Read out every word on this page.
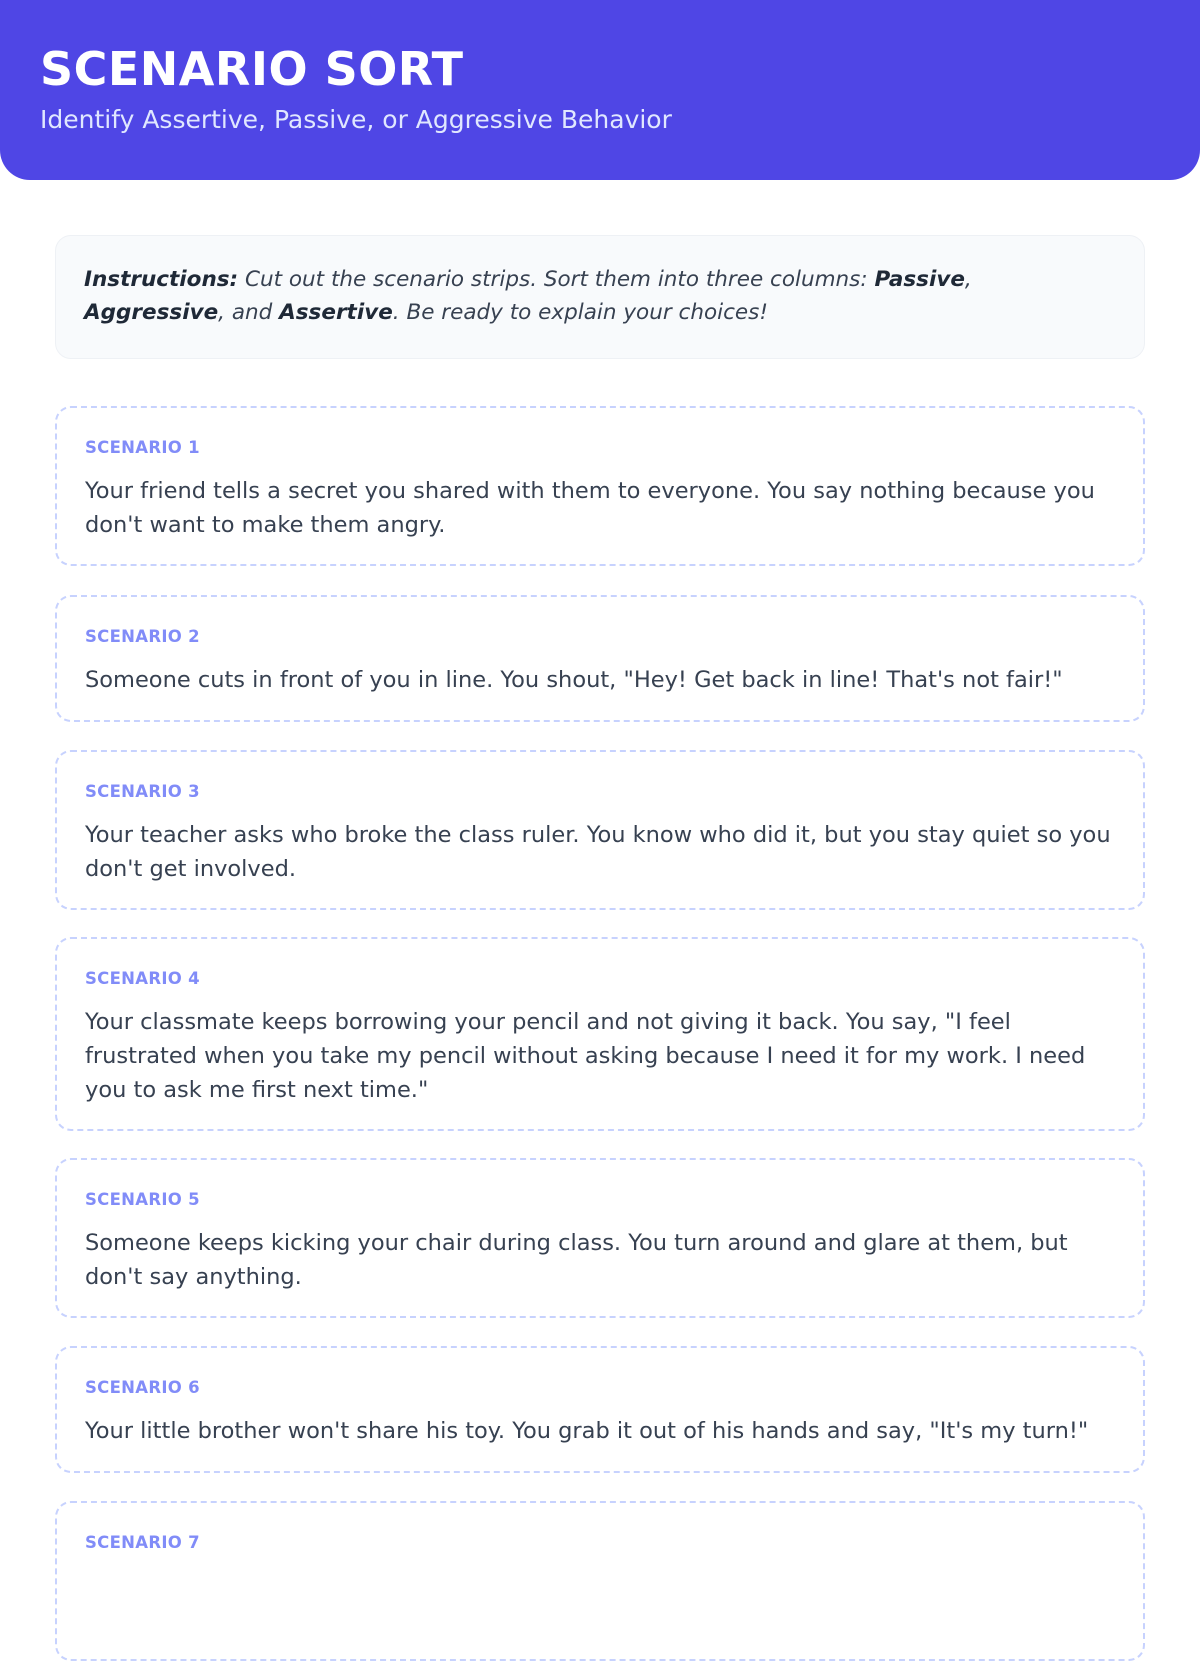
SCENARIO SORT
Identify Assertive, Passive, or Aggressive Behavior
Instructions: Cut out the scenario strips. Sort them into three columns: Passive, Aggressive, and Assertive. Be ready to explain your choices!
SCENARIO 1
Your friend tells a secret you shared with them to everyone. You say nothing because you don't want to make them angry.
SCENARIO 2
Someone cuts in front of you in line. You shout, "Hey! Get back in line! That's not fair!"
SCENARIO 3
Your teacher asks who broke the class ruler. You know who did it, but you stay quiet so you don't get involved.
SCENARIO 4
Your classmate keeps borrowing your pencil and not giving it back. You say, "I feel frustrated when you take my pencil without asking because I need it for my work. I need you to ask me first next time."
SCENARIO 5
Someone keeps kicking your chair during class. You turn around and glare at them, but don't say anything.
SCENARIO 6
Your little brother won't share his toy. You grab it out of his hands and say, "It's my turn!"
SCENARIO 7
